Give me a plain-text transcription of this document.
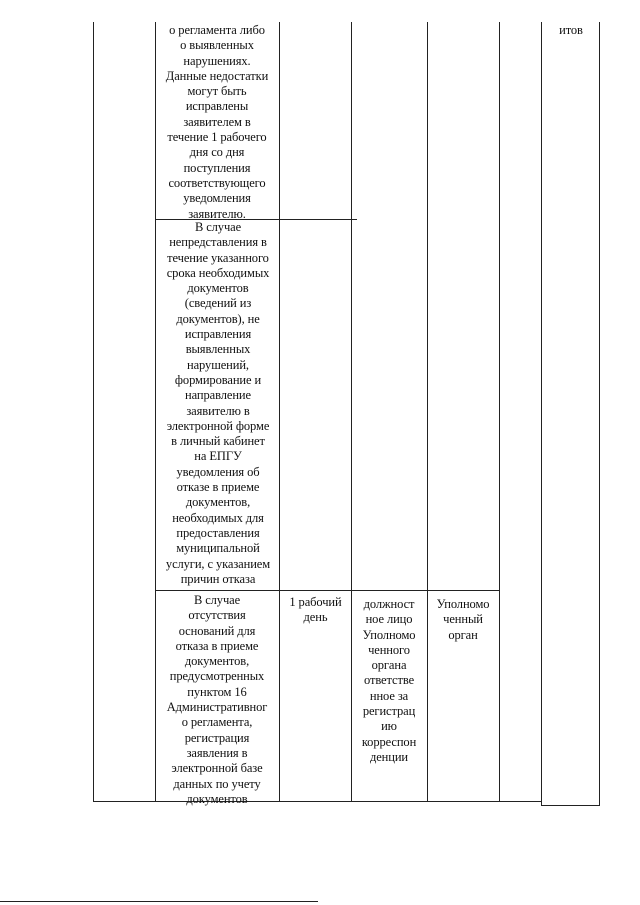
о регламента либо
о выявленных
нарушениях.
Данные недостатки
могут быть
исправлены
заявителем в
течение 1 рабочего
дня со дня
поступления
соответствующего
уведомления
заявителю.
итов
В случае
непредставления в
течение указанного
срока необходимых
документов
(сведений из
документов), не
исправления
выявленных
нарушений,
формирование и
направление
заявителю в
электронной форме
в личный кабинет
на ЕПГУ
уведомления об
отказе в приеме
документов,
необходимых для
предоставления
муниципальной
услуги, с указанием
причин отказа
В случае
отсутствия
оснований для
отказа в приеме
документов,
предусмотренных
пунктом 16
Административног
о регламента,
регистрация
заявления в
электронной базе
данных по учету
документов
1 рабочий
день
должност
ное лицо
Уполномо
ченного
органа
ответстве
нное за
регистрац
ию
корреспон
денции
Уполномо
ченный
орган
